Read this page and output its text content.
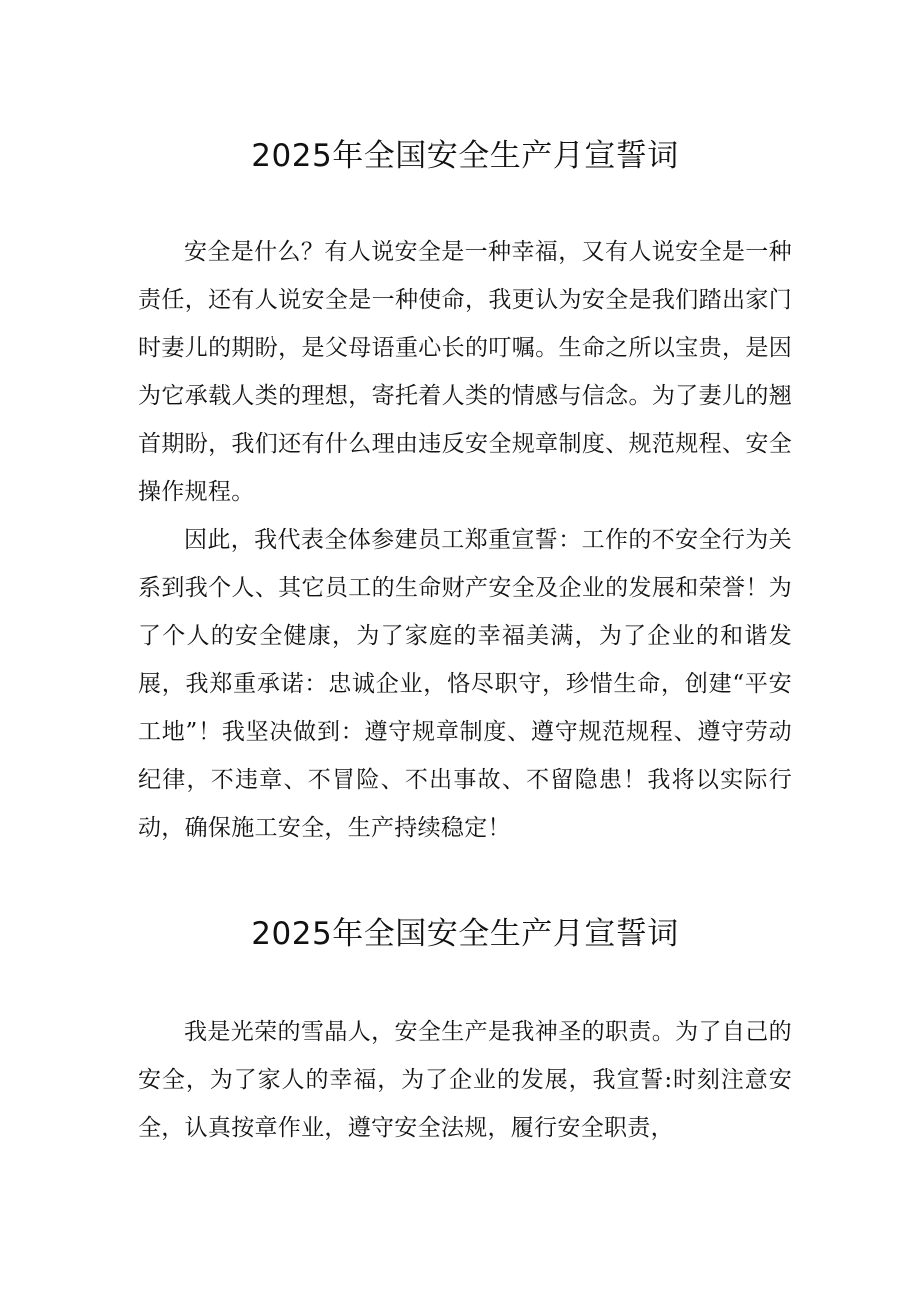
2025年全国安全生产月宣誓词

安全是什么？有人说安全是一种幸福，又有人说安全是一种责任，还有人说安全是一种使命，我更认为安全是我们踏出家门时妻儿的期盼，是父母语重心长的叮嘱。生命之所以宝贵，是因为它承载人类的理想，寄托着人类的情感与信念。为了妻儿的翘首期盼，我们还有什么理由违反安全规章制度、规范规程、安全操作规程。

因此，我代表全体参建员工郑重宣誓：工作的不安全行为关系到我个人、其它员工的生命财产安全及企业的发展和荣誉！为了个人的安全健康，为了家庭的幸福美满，为了企业的和谐发展，我郑重承诺：忠诚企业，恪尽职守，珍惜生命，创建“平安工地”！我坚决做到：遵守规章制度、遵守规范规程、遵守劳动纪律，不违章、不冒险、不出事故、不留隐患！我将以实际行动，确保施工安全，生产持续稳定！

2025年全国安全生产月宣誓词

我是光荣的雪晶人，安全生产是我神圣的职责。为了自己的安全，为了家人的幸福，为了企业的发展，我宣誓:时刻注意安全，认真按章作业，遵守安全法规，履行安全职责，
